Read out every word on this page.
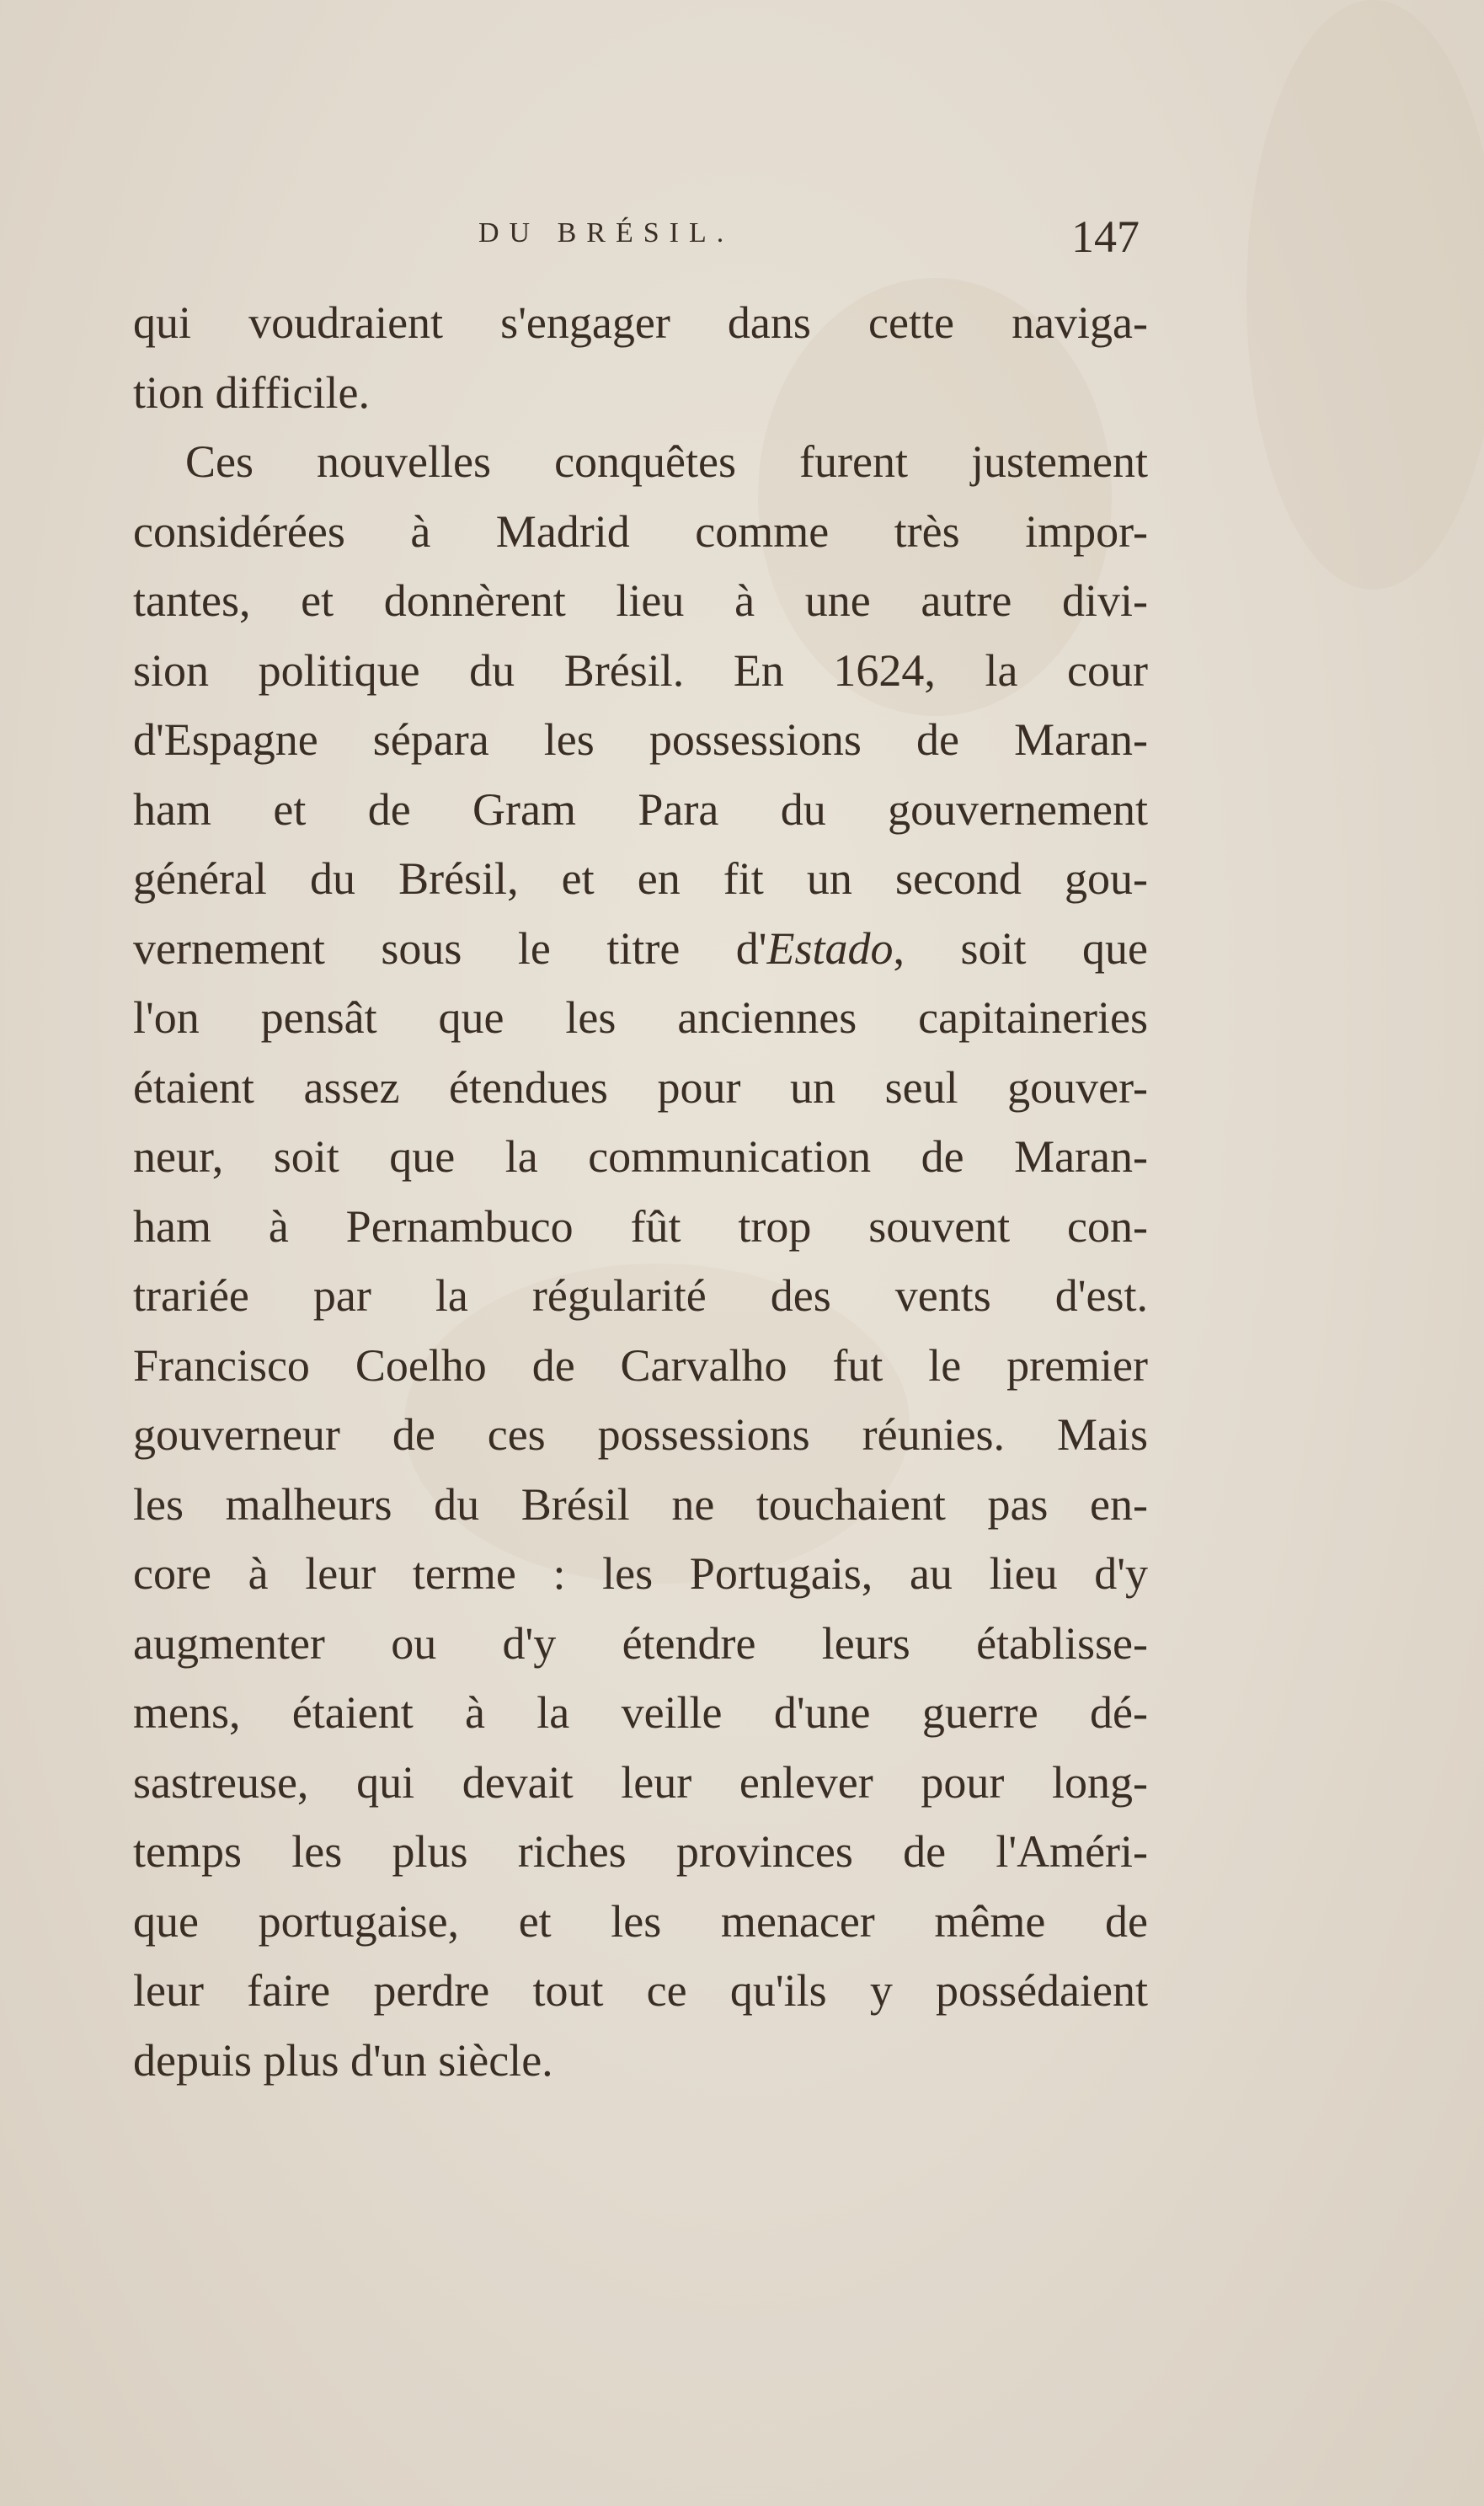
DU BRÉSIL.	147
qui voudraient s'engager dans cette naviga-
tion difficile.
Ces nouvelles conquêtes furent justement
considérées à Madrid comme très impor-
tantes, et donnèrent lieu à une autre divi-
sion politique du Brésil. En 1624, la cour
d'Espagne sépara les possessions de Maran-
ham et de Gram Para du gouvernement
général du Brésil, et en fit un second gou-
vernement sous le titre d'Estado, soit que
l'on pensât que les anciennes capitaineries
étaient assez étendues pour un seul gouver-
neur, soit que la communication de Maran-
ham à Pernambuco fût trop souvent con-
trariée par la régularité des vents d'est.
Francisco Coelho de Carvalho fut le premier
gouverneur de ces possessions réunies. Mais
les malheurs du Brésil ne touchaient pas en-
core à leur terme : les Portugais, au lieu d'y
augmenter ou d'y étendre leurs établisse-
mens, étaient à la veille d'une guerre dé-
sastreuse, qui devait leur enlever pour long-
temps les plus riches provinces de l'Améri-
que portugaise, et les menacer même de
leur faire perdre tout ce qu'ils y possédaient
depuis plus d'un siècle.
